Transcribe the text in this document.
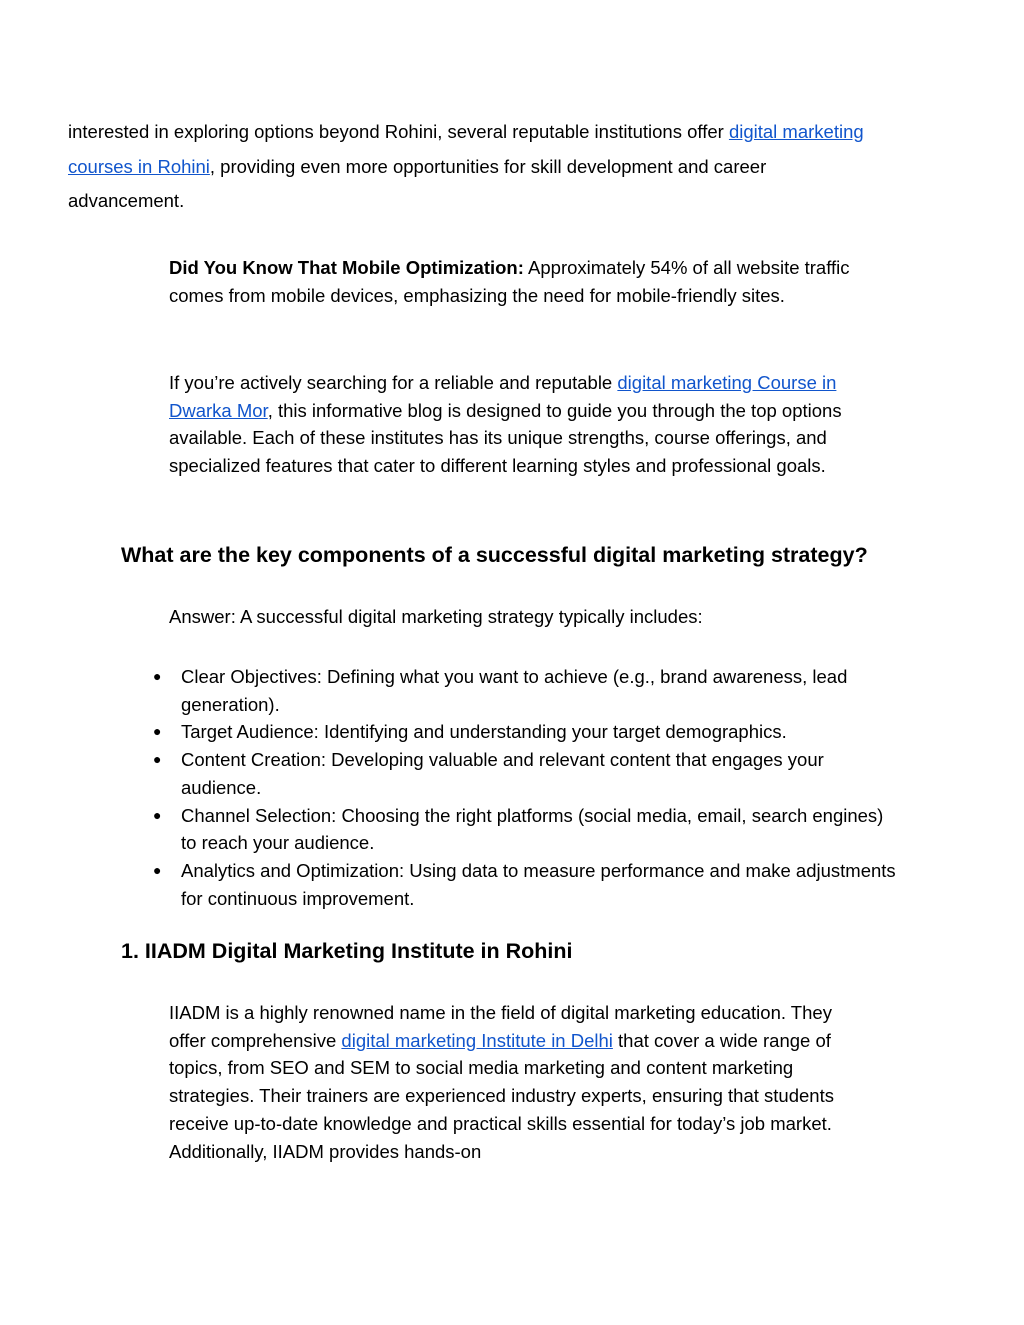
interested in exploring options beyond Rohini, several reputable institutions offer digital marketing courses in Rohini, providing even more opportunities for skill development and career advancement.

Did You Know That Mobile Optimization: Approximately 54% of all website traffic comes from mobile devices, emphasizing the need for mobile-friendly sites.

If you’re actively searching for a reliable and reputable digital marketing Course in Dwarka Mor, this informative blog is designed to guide you through the top options available. Each of these institutes has its unique strengths, course offerings, and specialized features that cater to different learning styles and professional goals.

What are the key components of a successful digital marketing strategy?

Answer: A successful digital marketing strategy typically includes:

● Clear Objectives: Defining what you want to achieve (e.g., brand awareness, lead generation).
● Target Audience: Identifying and understanding your target demographics.
● Content Creation: Developing valuable and relevant content that engages your audience.
● Channel Selection: Choosing the right platforms (social media, email, search engines) to reach your audience.
● Analytics and Optimization: Using data to measure performance and make adjustments for continuous improvement.
1. IIADM Digital Marketing Institute in Rohini

IIADM is a highly renowned name in the field of digital marketing education. They offer comprehensive digital marketing Institute in Delhi that cover a wide range of topics, from SEO and SEM to social media marketing and content marketing strategies. Their trainers are experienced industry experts, ensuring that students receive up-to-date knowledge and practical skills essential for today’s job market. Additionally, IIADM provides hands-on
